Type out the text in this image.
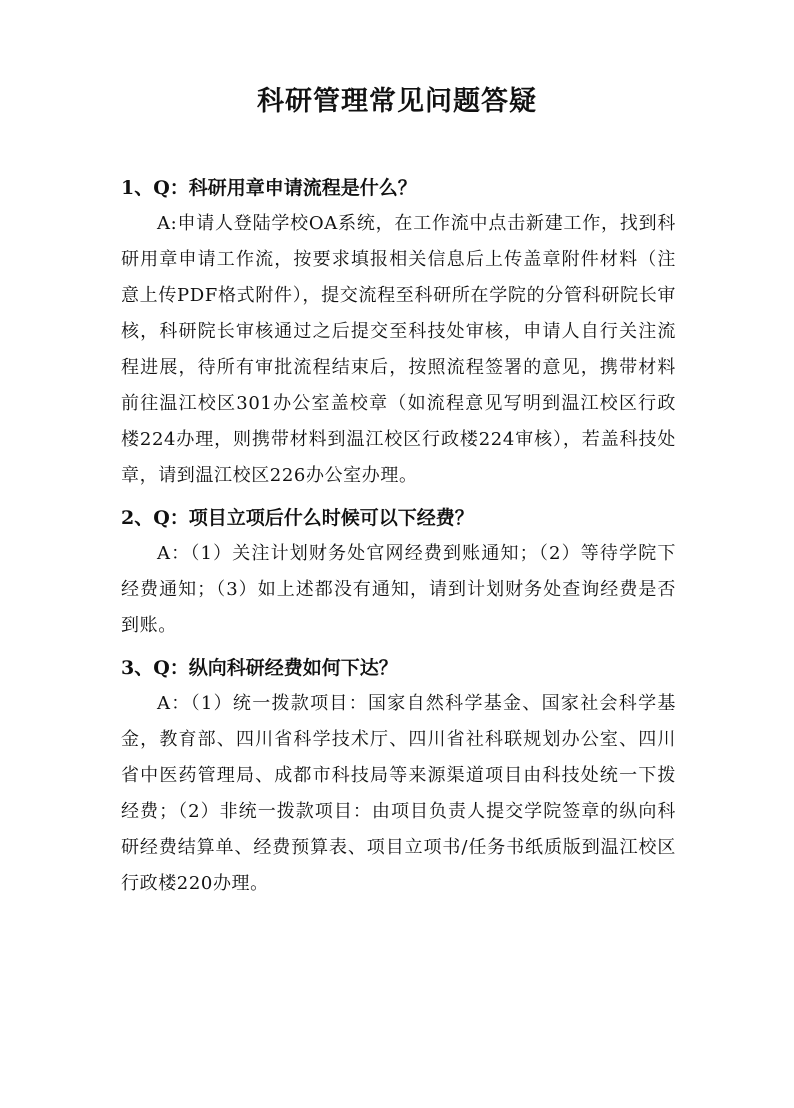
科研管理常见问题答疑

1、Q：科研用章申请流程是什么？

A:申请人登陆学校OA系统，在工作流中点击新建工作，找到科研用章申请工作流，按要求填报相关信息后上传盖章附件材料（注意上传PDF格式附件），提交流程至科研所在学院的分管科研院长审核，科研院长审核通过之后提交至科技处审核，申请人自行关注流程进展，待所有审批流程结束后，按照流程签署的意见，携带材料前往温江校区301办公室盖校章（如流程意见写明到温江校区行政楼224办理，则携带材料到温江校区行政楼224审核），若盖科技处章，请到温江校区226办公室办理。

2、Q：项目立项后什么时候可以下经费？

A：（1）关注计划财务处官网经费到账通知；（2）等待学院下经费通知；（3）如上述都没有通知，请到计划财务处查询经费是否到账。

3、Q：纵向科研经费如何下达？

A：（1）统一拨款项目：国家自然科学基金、国家社会科学基金，教育部、四川省科学技术厅、四川省社科联规划办公室、四川省中医药管理局、成都市科技局等来源渠道项目由科技处统一下拨经费；（2）非统一拨款项目：由项目负责人提交学院签章的纵向科研经费结算单、经费预算表、项目立项书/任务书纸质版到温江校区行政楼220办理。
